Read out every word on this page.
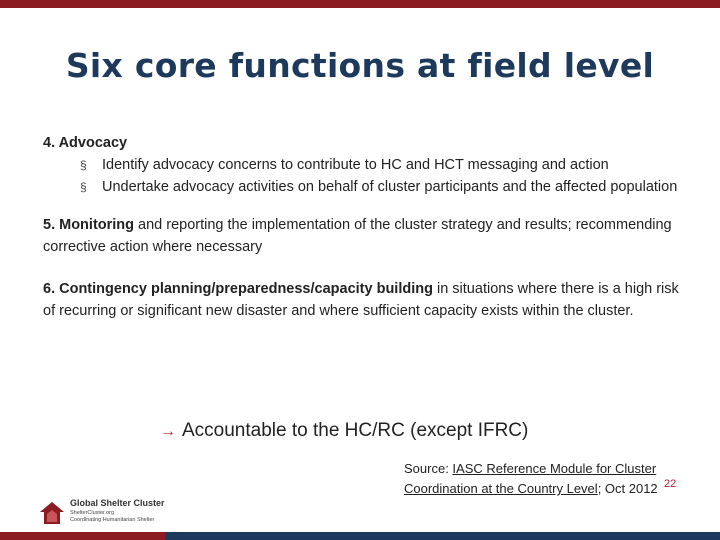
Six core functions at field level

4. Advocacy

§ Identify advocacy concerns to contribute to HC and HCT messaging and action
§ Undertake advocacy activities on behalf of cluster participants and the affected population

5. Monitoring and reporting the implementation of the cluster strategy and results; recommending corrective action where necessary

6. Contingency planning/preparedness/capacity building in situations where there is a high risk of recurring or significant new disaster and where sufficient capacity exists within the cluster.

→ Accountable to the HC/RC (except IFRC)
Source: IASC Reference Module for Cluster Coordination at the Country Level; Oct 2012 22
Global Shelter Cluster
ShelterCluster.org
Coordinating Humanitarian Shelter
